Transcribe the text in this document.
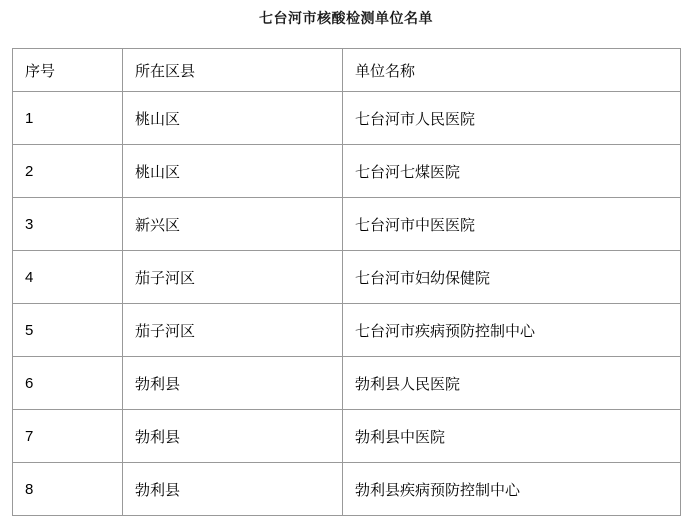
七台河市核酸检测单位名单
序号	所在区县	单位名称
1	桃山区	七台河市人民医院
2	桃山区	七台河七煤医院
3	新兴区	七台河市中医医院
4	茄子河区	七台河市妇幼保健院
5	茄子河区	七台河市疾病预防控制中心
6	勃利县	勃利县人民医院
7	勃利县	勃利县中医院
8	勃利县	勃利县疾病预防控制中心
